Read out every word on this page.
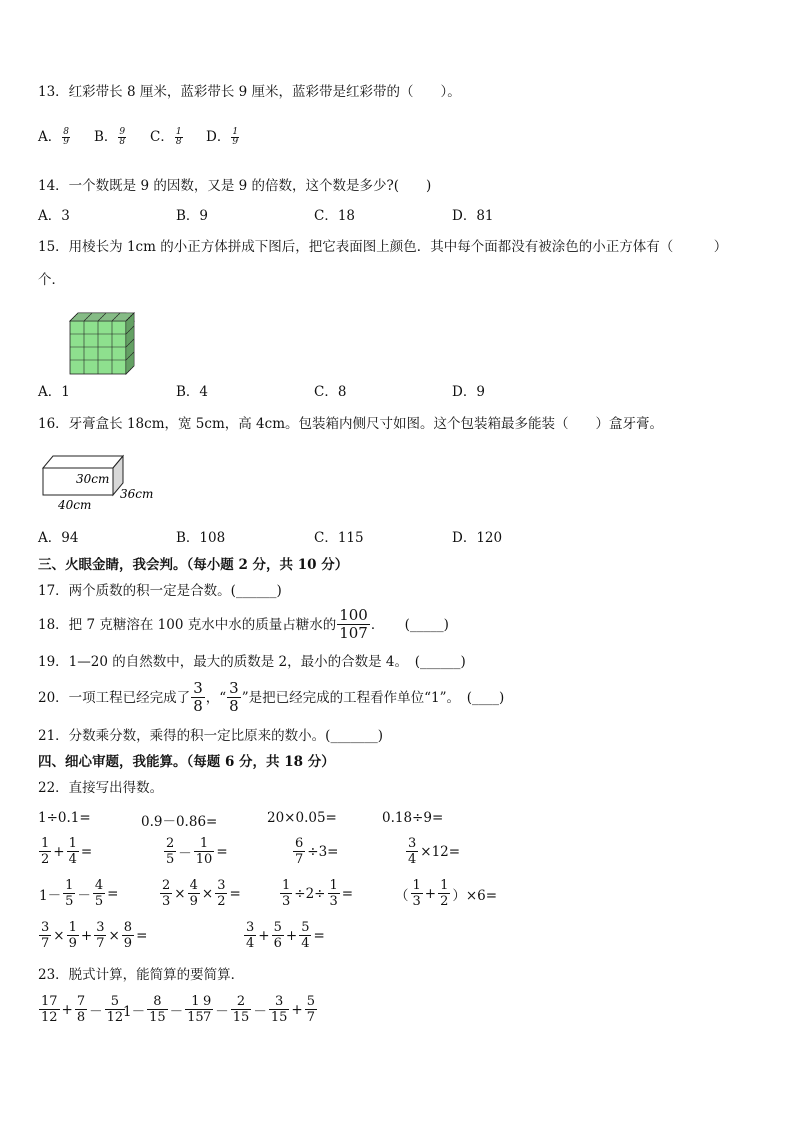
13．红彩带长 8 厘米，蓝彩带长 9 厘米，蓝彩带是红彩带的（　　）。
A． $\frac{8}{9}$ B． $\frac{9}{8}$ C． $\frac{1}{8}$ D． $\frac{1}{9}$
14．一个数既是 9 的因数，又是 9 的倍数，这个数是多少?(　　)
A．3	B．9	C．18	D．81
15．用棱长为 1cm 的小正方体拼成下图后，把它表面图上颜色．其中每个面都没有被涂色的小正方体有（　　　）
个．
A．1	B．4	C．8	D．9
16．牙膏盒长 18cm，宽 5cm，高 4cm。包装箱内侧尺寸如图。这个包装箱最多能装（　　）盒牙膏。
30cm
36cm
40cm
A．94	B．108	C．115	D．120
三、火眼金睛，我会判。（每小题 2 分，共 10 分）
17．两个质数的积一定是合数。(______)
18．把 7 克糖溶在 100 克水中水的质量占糖水的 $\frac{100}{107}$ ．　　(_____)
19．1—20 的自然数中，最大的质数是 2，最小的合数是 4。　(______)
20．一项工程已经完成了 $\frac{3}{8}$ ，“ $\frac{3}{8}$ ”是把已经完成的工程看作单位“1”。　(____)
21．分数乘分数，乘得的积一定比原来的数小。(_______)
四、细心审题，我能算。（每题 6 分，共 18 分）
22．直接写出得数。
1÷0.1=	0.9－0.86=	20×0.05=	0.18÷9=
$\frac{1}{2} + \frac{1}{4}$ =	$\frac{2}{5} - \frac{1}{10}$ =	$\frac{6}{7} \div 3=$	$\frac{3}{4} \times 12=$
$1- \frac{1}{5} - \frac{4}{5}$ =	$\frac{2}{3} \times \frac{4}{9} \times \frac{3}{2}$ =	$\frac{1}{3} \div 2\div \frac{1}{3}$ =	（ $\frac{1}{3} + \frac{1}{2} )\times 6=$
$\frac{3}{7} \times \frac{1}{9} + \frac{3}{7} \times \frac{8}{9}$ =	$\frac{3}{4} + \frac{5}{6} + \frac{5}{4}$ =
23．脱式计算，能简算的要简算．
$\frac{17}{12} + \frac{7}{8} - \frac{5}{12}$
$1- \frac{8}{15} - \frac{1}{15}$
$\frac{9}{7} - \frac{2}{15} - \frac{3}{15} + \frac{5}{7}$
